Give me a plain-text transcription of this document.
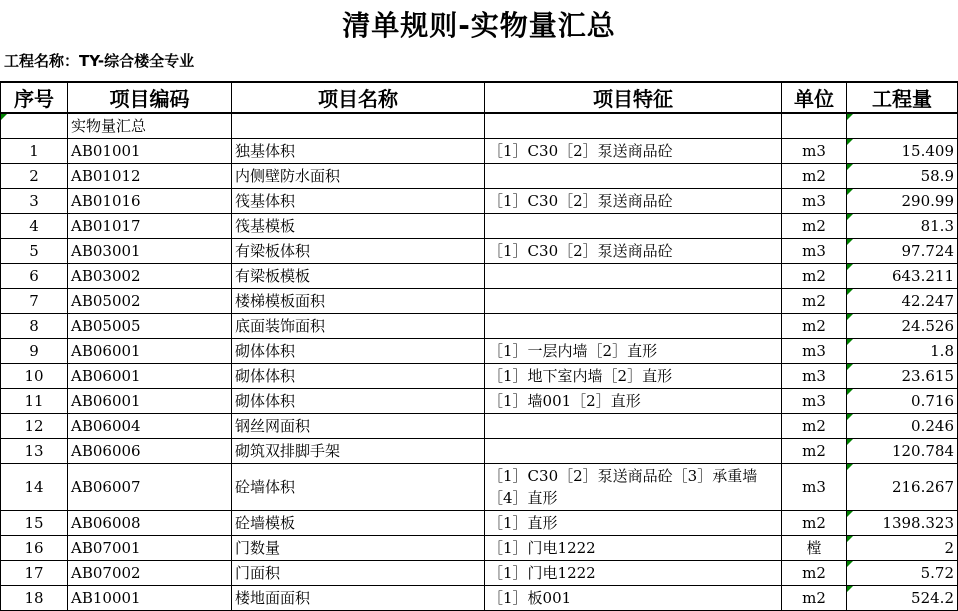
清单规则-实物量汇总
工程名称：TY-综合楼全专业
序号	项目编码	项目名称	项目特征	单位	工程量
	实物量汇总				
1	AB01001	独基体积	［1］C30［2］泵送商品砼	m3	15.409
2	AB01012	内侧壁防水面积		m2	58.9
3	AB01016	筏基体积	［1］C30［2］泵送商品砼	m3	290.99
4	AB01017	筏基模板		m2	81.3
5	AB03001	有梁板体积	［1］C30［2］泵送商品砼	m3	97.724
6	AB03002	有梁板模板		m2	643.211
7	AB05002	楼梯模板面积		m2	42.247
8	AB05005	底面装饰面积		m2	24.526
9	AB06001	砌体体积	［1］一层内墙［2］直形	m3	1.8
10	AB06001	砌体体积	［1］地下室内墙［2］直形	m3	23.615
11	AB06001	砌体体积	［1］墙001［2］直形	m3	0.716
12	AB06004	钢丝网面积		m2	0.246
13	AB06006	砌筑双排脚手架		m2	120.784
14	AB06007	砼墙体积	［1］C30［2］泵送商品砼［3］承重墙［4］直形	m3	216.267
15	AB06008	砼墙模板	［1］直形	m2	1398.323
16	AB07001	门数量	［1］门电1222	樘	2
17	AB07002	门面积	［1］门电1222	m2	5.72
18	AB10001	楼地面面积	［1］板001	m2	524.2
